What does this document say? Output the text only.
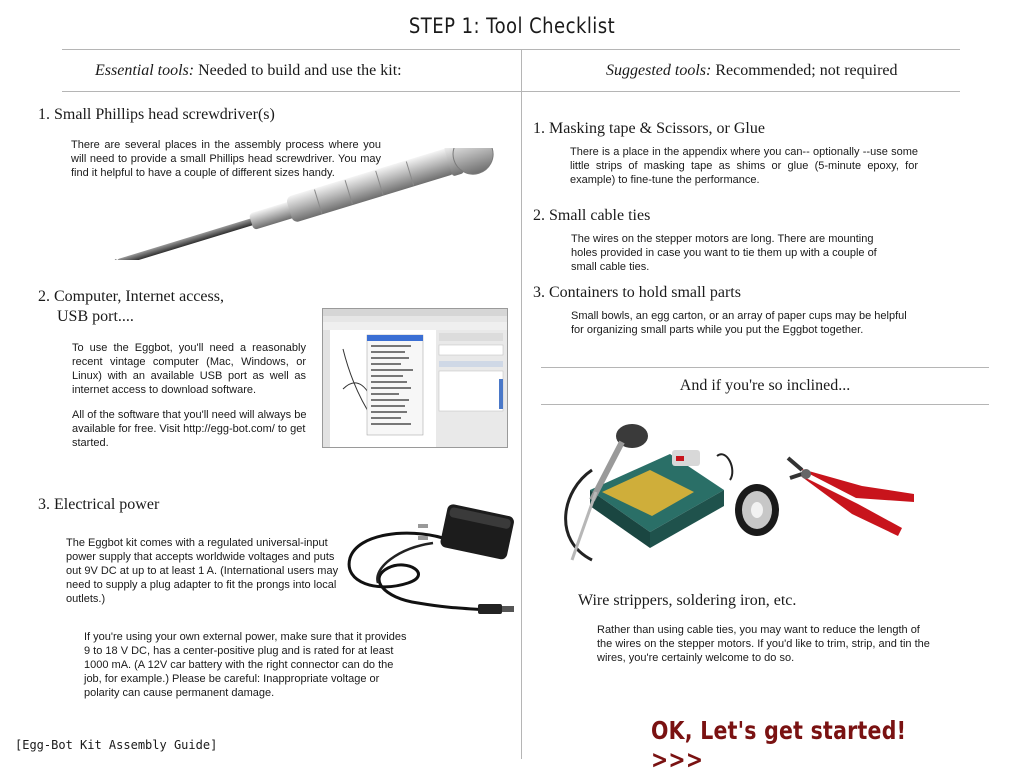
STEP 1: Tool Checklist
Essential tools: Needed to build and use the kit:	Suggested tools: Recommended; not required
1. Small Phillips head screwdriver(s)
There are several places in the assembly process where you will need to provide a small Phillips head screwdriver. You may find it helpful to have a couple of different sizes handy.
2. Computer, Internet access,
USB port....
To use the Eggbot, you'll need a reasonably recent vintage computer (Mac, Windows, or Linux) with an available USB port as well as internet access to download software.
All of the software that you'll need will always be available for free. Visit http://egg-bot.com/ to get started.
3. Electrical power
The Eggbot kit comes with a regulated universal-input power supply that accepts worldwide voltages and puts out 9V DC at up to at least 1 A. (International users may need to supply a plug adapter to fit the prongs into local outlets.)
If you're using your own external power, make sure that it provides 9 to 18 V DC, has a center-positive plug and is rated for at least 1000 mA. (A 12V car battery with the right connector can do the job, for example.) Please be careful: Inappropriate voltage or polarity can cause permanent damage.
1. Masking tape & Scissors, or Glue
There is a place in the appendix where you can-- optionally --use some little strips of masking tape as shims or glue (5-minute epoxy, for example) to fine-tune the performance.
2. Small cable ties
The wires on the stepper motors are long. There are mounting holes provided in case you want to tie them up with a couple of small cable ties.
3. Containers to hold small parts
Small bowls, an egg carton, or an array of paper cups may be helpful for organizing small parts while you put the Eggbot together.
And if you're so inclined...
Wire strippers, soldering iron, etc.
Rather than using cable ties, you may want to reduce the length of the wires on the stepper motors. If you'd like to trim, strip, and tin the wires, you're certainly welcome to do so.
[Egg-Bot Kit Assembly Guide]	OK, Let's get started! >>>
